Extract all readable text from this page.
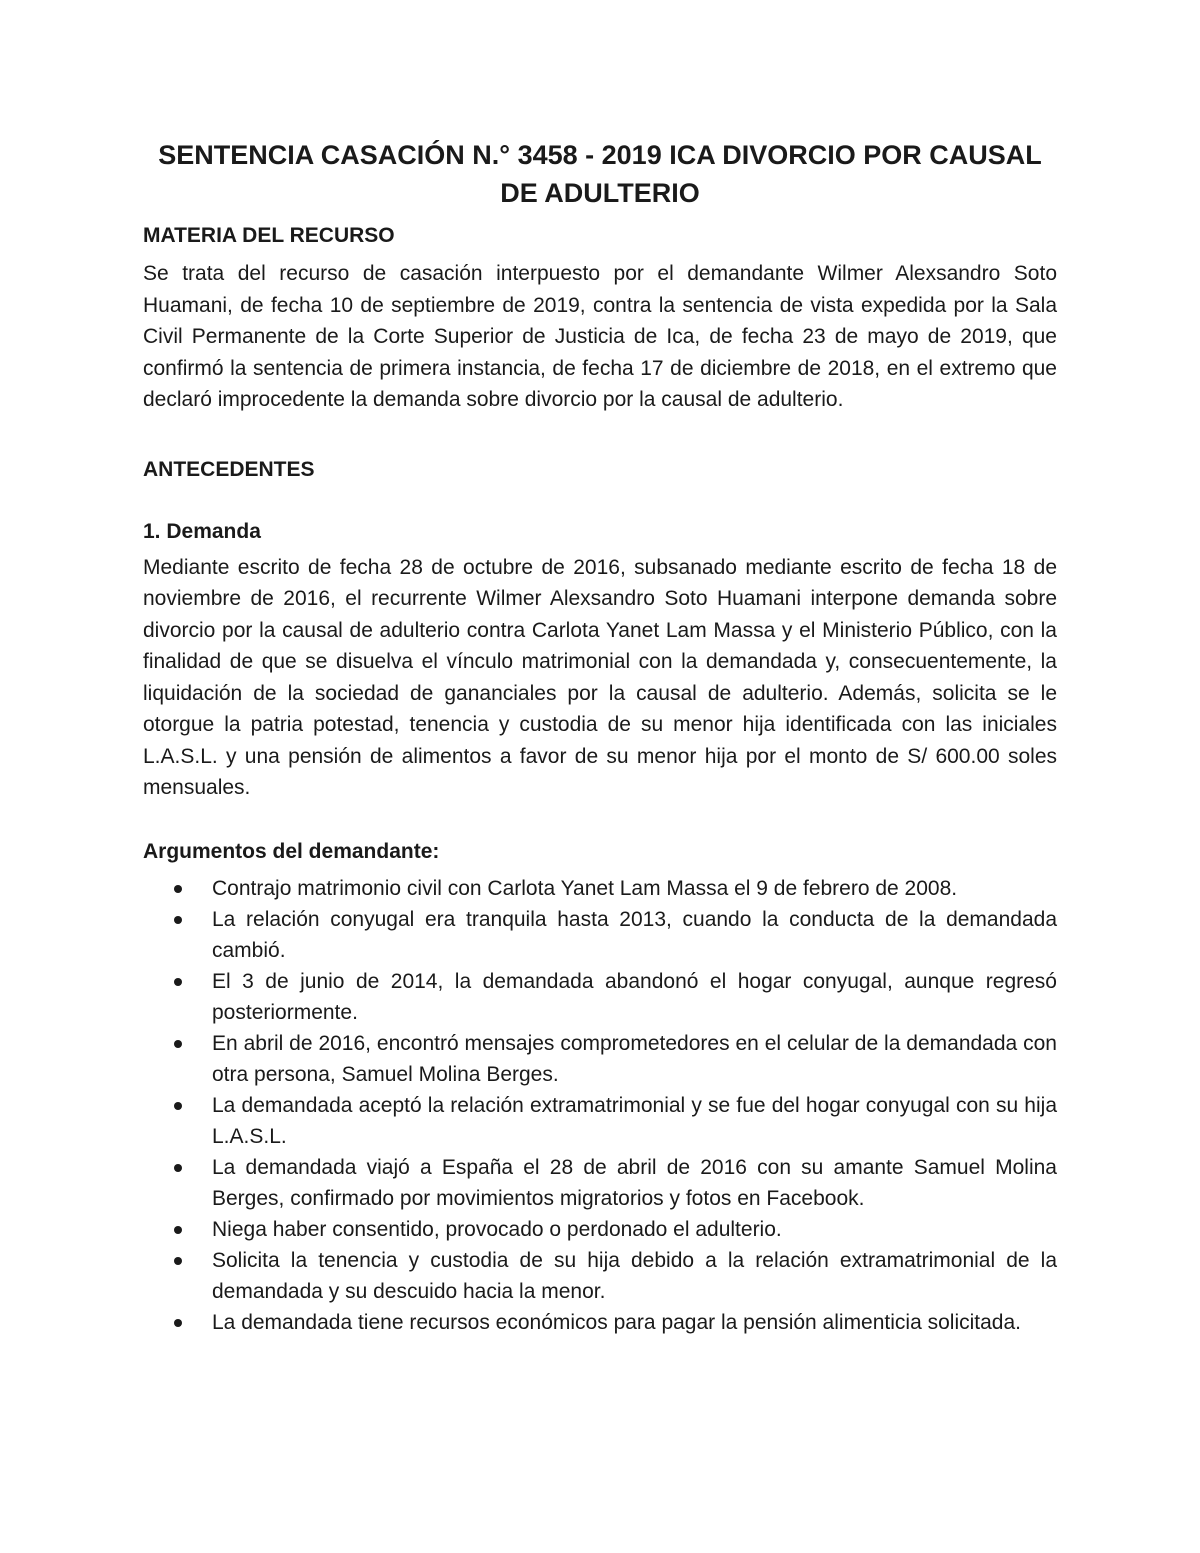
SENTENCIA CASACIÓN N.° 3458 - 2019 ICA DIVORCIO POR CAUSAL DE ADULTERIO
MATERIA DEL RECURSO

Se trata del recurso de casación interpuesto por el demandante Wilmer Alexsandro Soto Huamani, de fecha 10 de septiembre de 2019, contra la sentencia de vista expedida por la Sala Civil Permanente de la Corte Superior de Justicia de Ica, de fecha 23 de mayo de 2019, que confirmó la sentencia de primera instancia, de fecha 17 de diciembre de 2018, en el extremo que declaró improcedente la demanda sobre divorcio por la causal de adulterio.

ANTECEDENTES
1. Demanda

Mediante escrito de fecha 28 de octubre de 2016, subsanado mediante escrito de fecha 18 de noviembre de 2016, el recurrente Wilmer Alexsandro Soto Huamani interpone demanda sobre divorcio por la causal de adulterio contra Carlota Yanet Lam Massa y el Ministerio Público, con la finalidad de que se disuelva el vínculo matrimonial con la demandada y, consecuentemente, la liquidación de la sociedad de gananciales por la causal de adulterio. Además, solicita se le otorgue la patria potestad, tenencia y custodia de su menor hija identificada con las iniciales L.A.S.L. y una pensión de alimentos a favor de su menor hija por el monto de S/ 600.00 soles mensuales.

Argumentos del demandante:
Contrajo matrimonio civil con Carlota Yanet Lam Massa el 9 de febrero de 2008.
La relación conyugal era tranquila hasta 2013, cuando la conducta de la demandada cambió.
El 3 de junio de 2014, la demandada abandonó el hogar conyugal, aunque regresó posteriormente.
En abril de 2016, encontró mensajes comprometedores en el celular de la demandada con otra persona, Samuel Molina Berges.
La demandada aceptó la relación extramatrimonial y se fue del hogar conyugal con su hija L.A.S.L.
La demandada viajó a España el 28 de abril de 2016 con su amante Samuel Molina Berges, confirmado por movimientos migratorios y fotos en Facebook.
Niega haber consentido, provocado o perdonado el adulterio.
Solicita la tenencia y custodia de su hija debido a la relación extramatrimonial de la demandada y su descuido hacia la menor.
La demandada tiene recursos económicos para pagar la pensión alimenticia solicitada.
